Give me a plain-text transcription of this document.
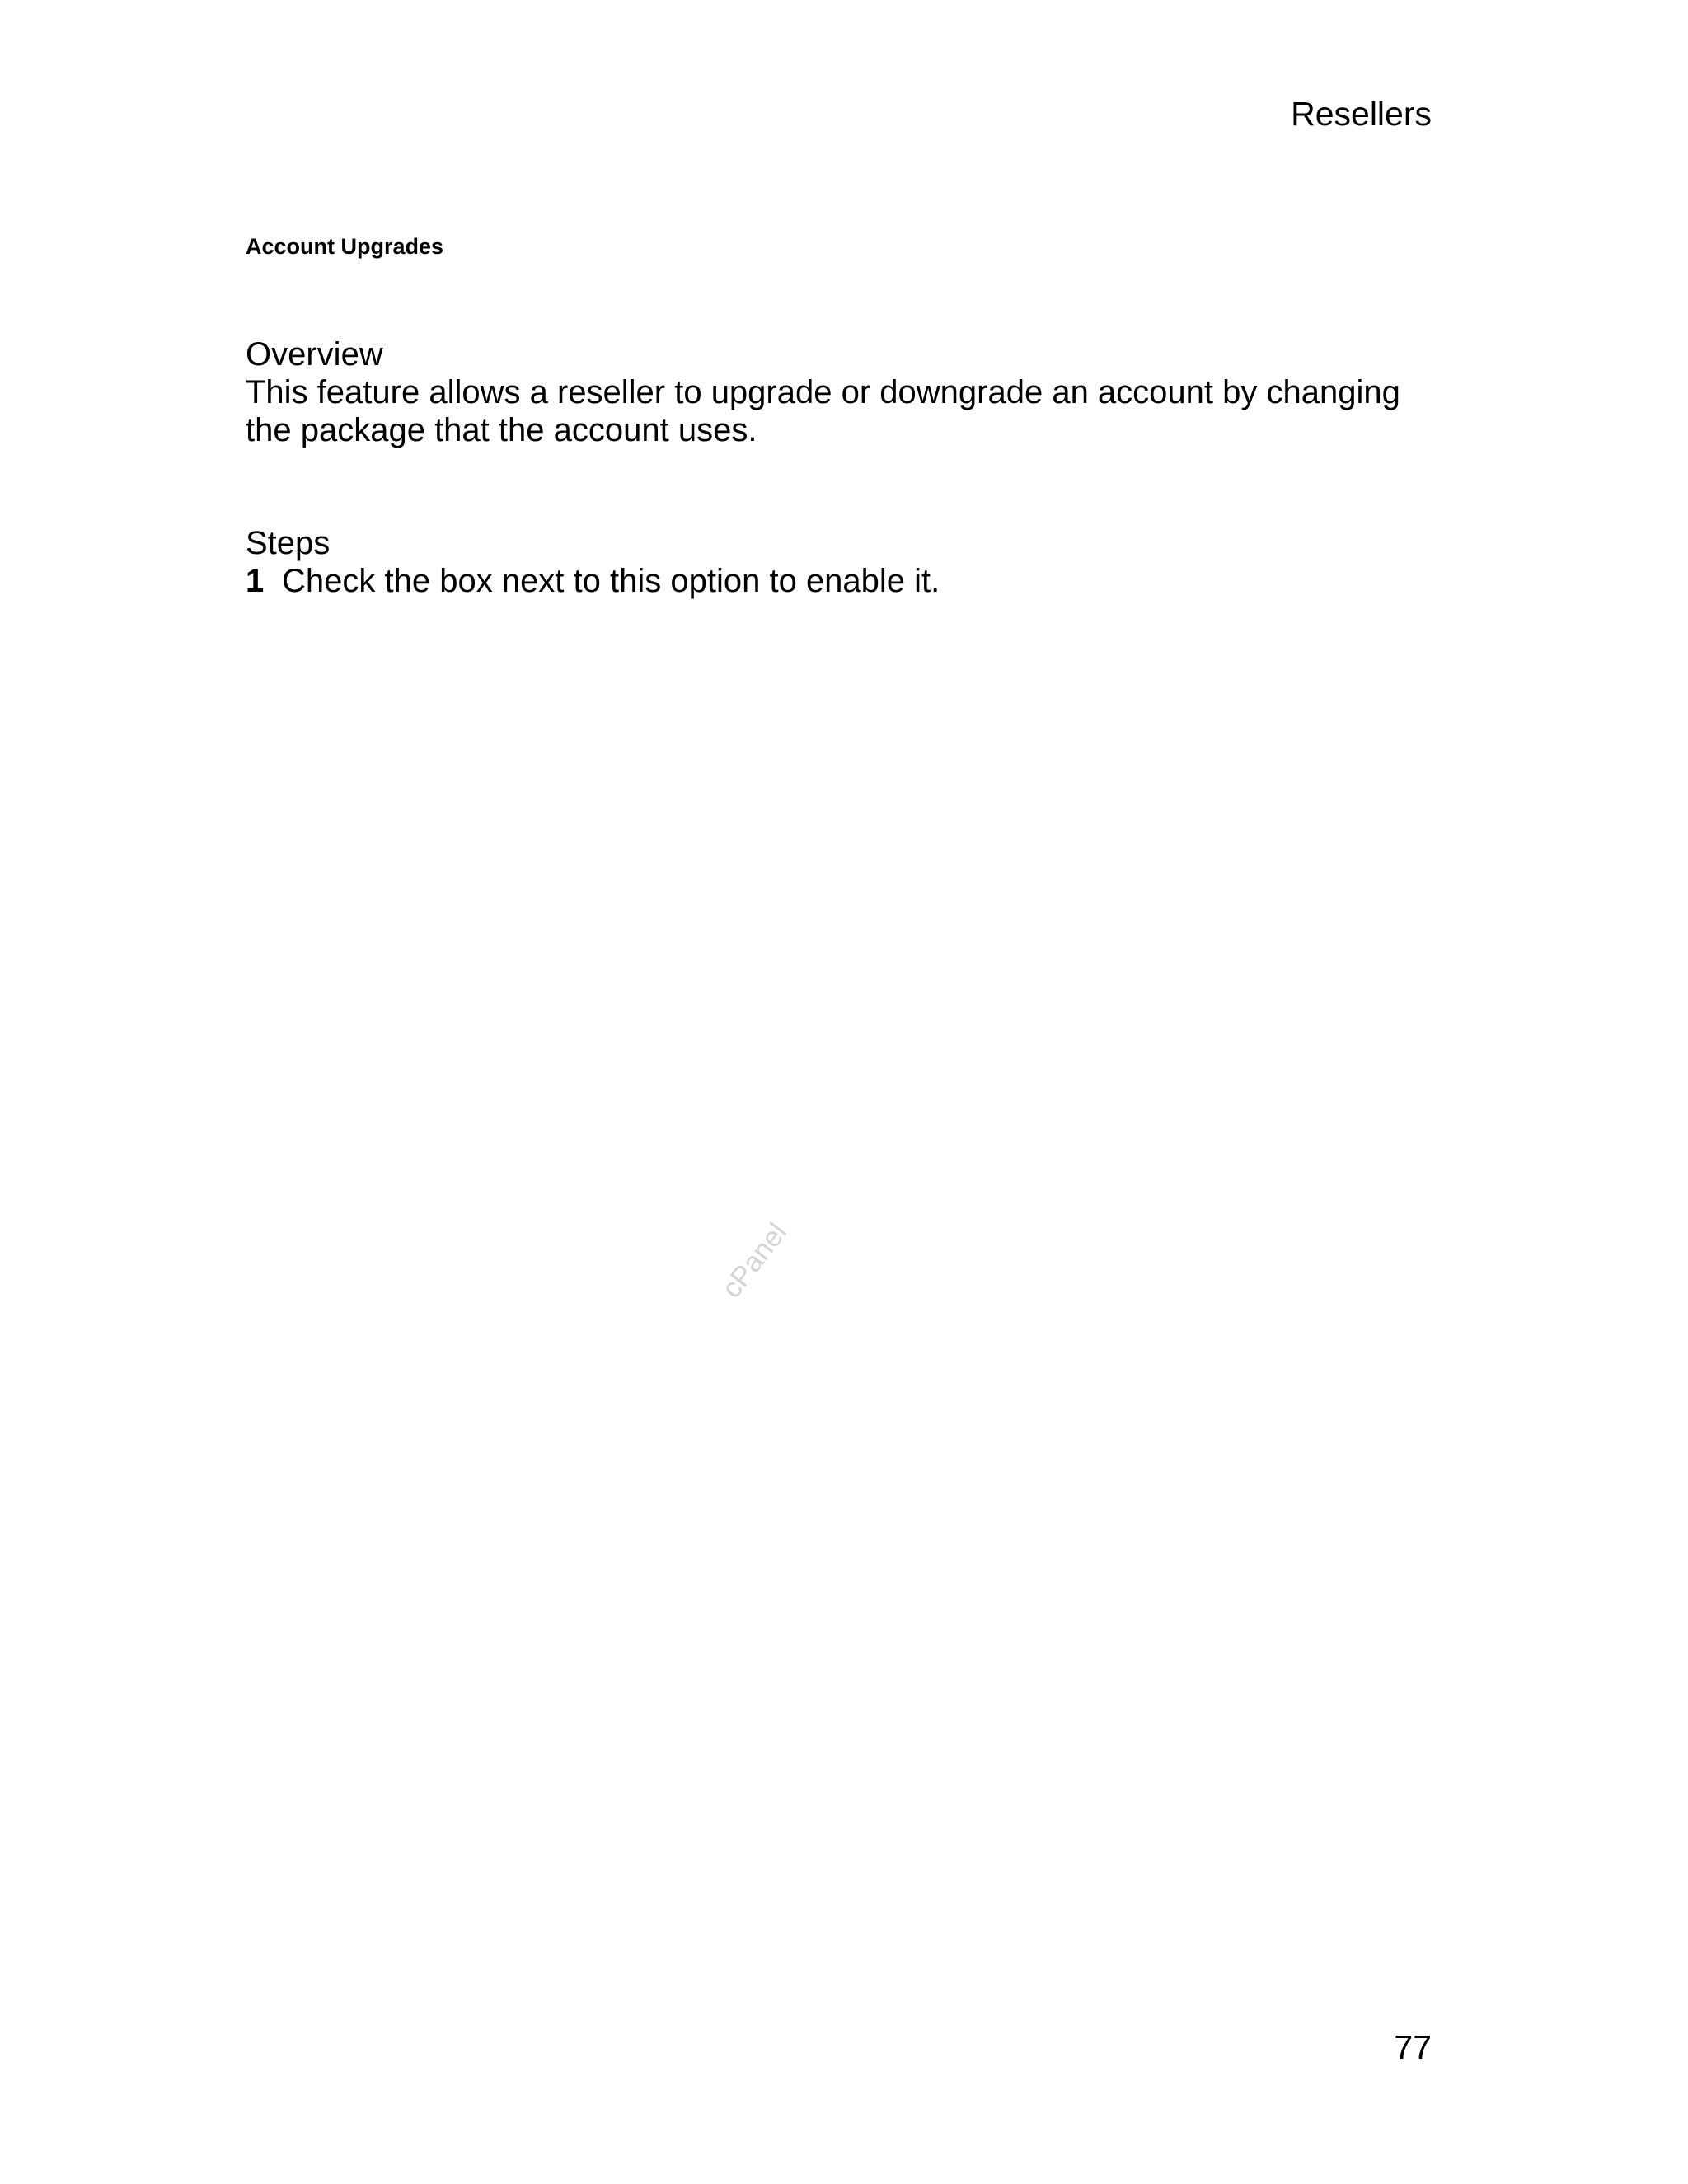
Resellers
Account Upgrades

Overview

This feature allows a reseller to upgrade or downgrade an account by changing the package that the account uses.

Steps

1 Check the box next to this option to enable it.

cPanel
77
